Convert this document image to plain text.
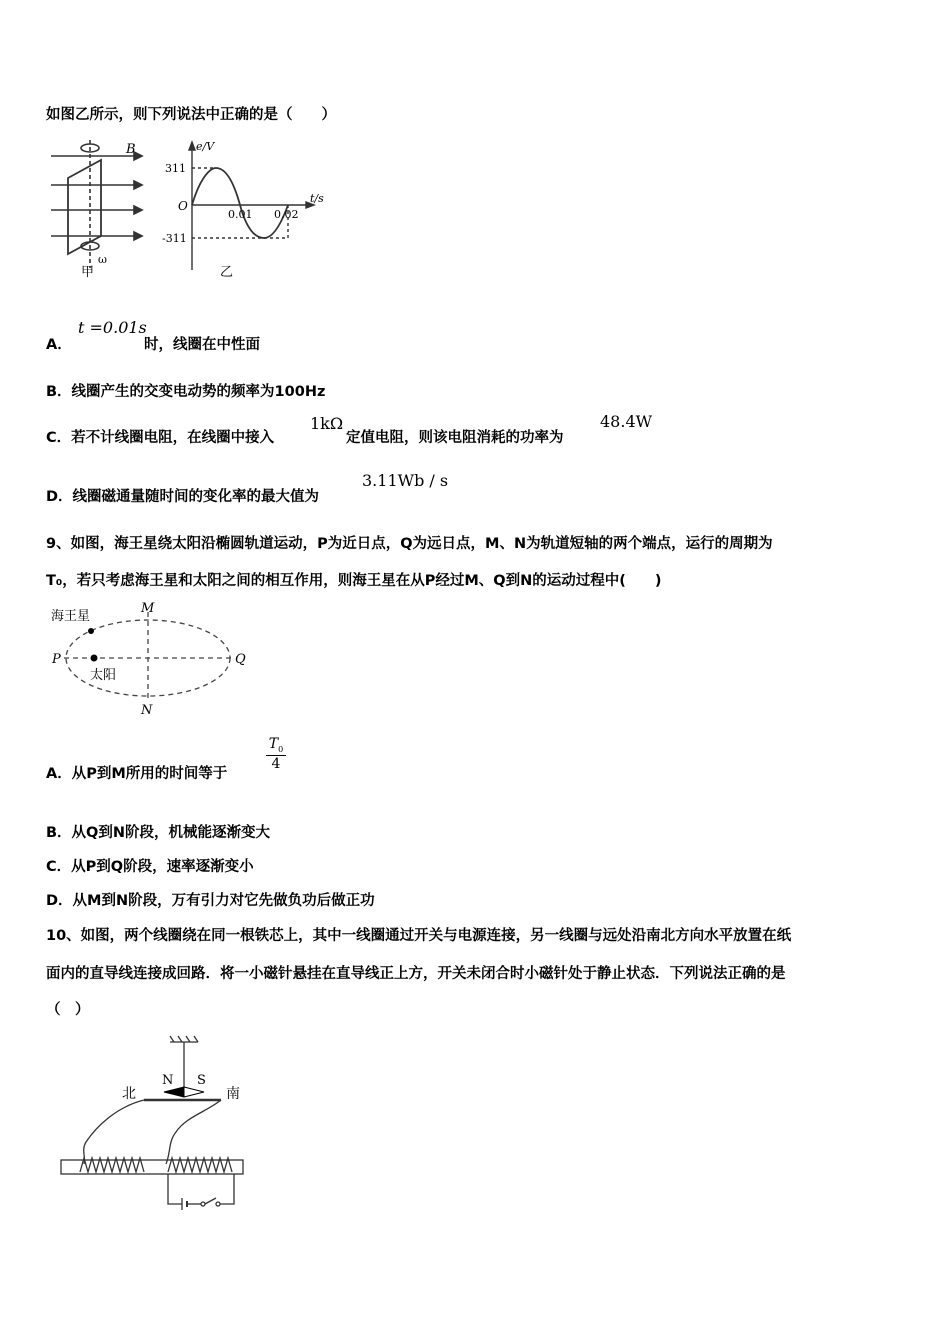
如图乙所示，则下列说法中正确的是（　　）
B
ω
甲
e/V
t/s
O
311
-311
0.01 0.02
乙
A．
t =0.01s
时，线圈在中性面
B．线圈产生的交变电动势的频率为100Hz
C．若不计线圈电阻，在线圈中接入
1kΩ
定值电阻，则该电阻消耗的功率为
48.4W
D．线圈磁通量随时间的变化率的最大值为
3.11Wb / s
9、如图，海王星绕太阳沿椭圆轨道运动，P为近日点，Q为远日点，M、N为轨道短轴的两个端点，运行的周期为
T₀，若只考虑海王星和太阳之间的相互作用，则海王星在从P经过M、Q到N的运动过程中(　　)
海王星
太阳
P	Q
M
N
A．从P到M所用的时间等于
$T_0$
4
B．从Q到N阶段，机械能逐渐变大
C．从P到Q阶段，速率逐渐变小
D．从M到N阶段，万有引力对它先做负功后做正功
10、如图，两个线圈绕在同一根铁芯上，其中一线圈通过开关与电源连接，另一线圈与远处沿南北方向水平放置在纸
面内的直导线连接成回路．将一小磁针悬挂在直导线正上方，开关未闭合时小磁针处于静止状态．下列说法正确的是
（　）
N S
北	南
